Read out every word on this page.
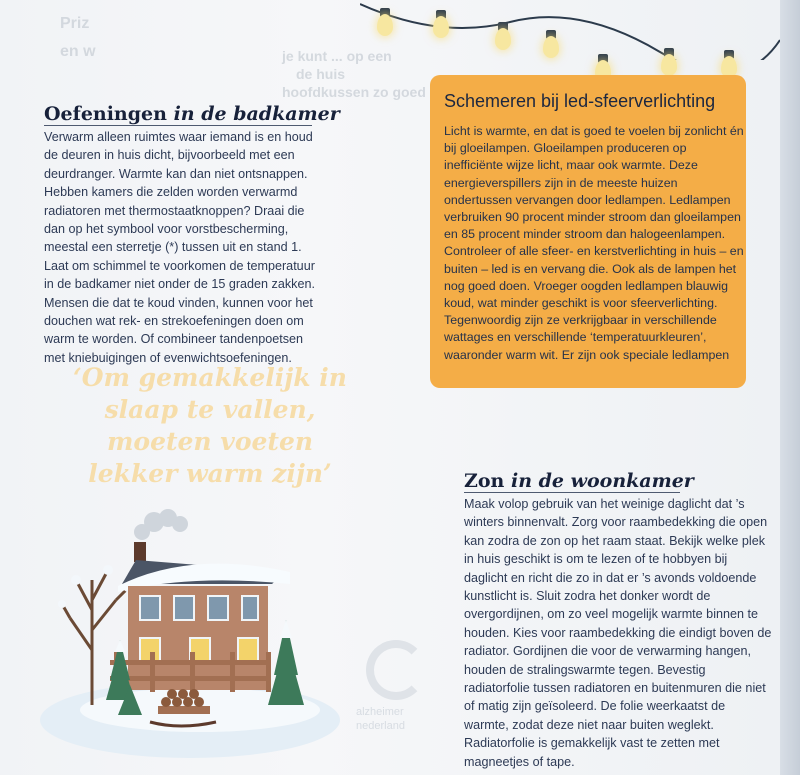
je kunt ... op een
de huis
hoofdkussen zo goed
Priz en w
Oefeningen in de badkamer

Verwarm alleen ruimtes waar iemand is en houd de deuren in huis dicht, bijvoorbeeld met een deurdranger. Warmte kan dan niet ontsnappen. Hebben kamers die zelden worden verwarmd radiatoren met thermostaatknoppen? Draai die dan op het symbool voor vorstbescherming, meestal een sterretje (*) tussen uit en stand 1. Laat om schimmel te voorkomen de temperatuur in de badkamer niet onder de 15 graden zakken. Mensen die dat te koud vinden, kunnen voor het douchen wat rek- en strekoefeningen doen om warm te worden. Of combineer tandenpoetsen met kniebuigingen of evenwichtsoefeningen.

‘Om gemakkelijk in slaap te vallen, moeten voeten lekker warm zijn’

Schemeren bij led-sfeerverlichting

Licht is warmte, en dat is goed te voelen bij zonlicht én bij gloeilampen. Gloeilampen produceren op inefficiënte wijze licht, maar ook warmte. Deze energieverspillers zijn in de meeste huizen ondertussen vervangen door ledlampen. Ledlampen verbruiken 90 procent minder stroom dan gloeilampen en 85 procent minder stroom dan halogeenlampen. Controleer of alle sfeer- en kerstverlichting in huis – en buiten – led is en vervang die. Ook als de lampen het nog goed doen. Vroeger oogden ledlampen blauwig koud, wat minder geschikt is voor sfeerverlichting. Tegenwoordig zijn ze verkrijgbaar in verschillende wattages en verschillende ‘temperatuurkleuren’, waaronder warm wit. Er zijn ook speciale ledlampen

Zon in de woonkamer

Maak volop gebruik van het weinige daglicht dat ’s winters binnenvalt. Zorg voor raambedekking die open kan zodra de zon op het raam staat. Bekijk welke plek in huis geschikt is om te lezen of te hobbyen bij daglicht en richt die zo in dat er ’s avonds voldoende kunstlicht is. Sluit zodra het donker wordt de overgordijnen, om zo veel mogelijk warmte binnen te houden. Kies voor raambedekking die eindigt boven de radiator. Gordijnen die voor de verwarming hangen, houden de stralingswarmte tegen. Bevestig radiatorfolie tussen radiatoren en buitenmuren die niet of matig zijn geïsoleerd. De folie weerkaatst de warmte, zodat deze niet naar buiten weglekt. Radiatorfolie is gemakkelijk vast te zetten met magneetjes of tape.

alzheimer
nederland
